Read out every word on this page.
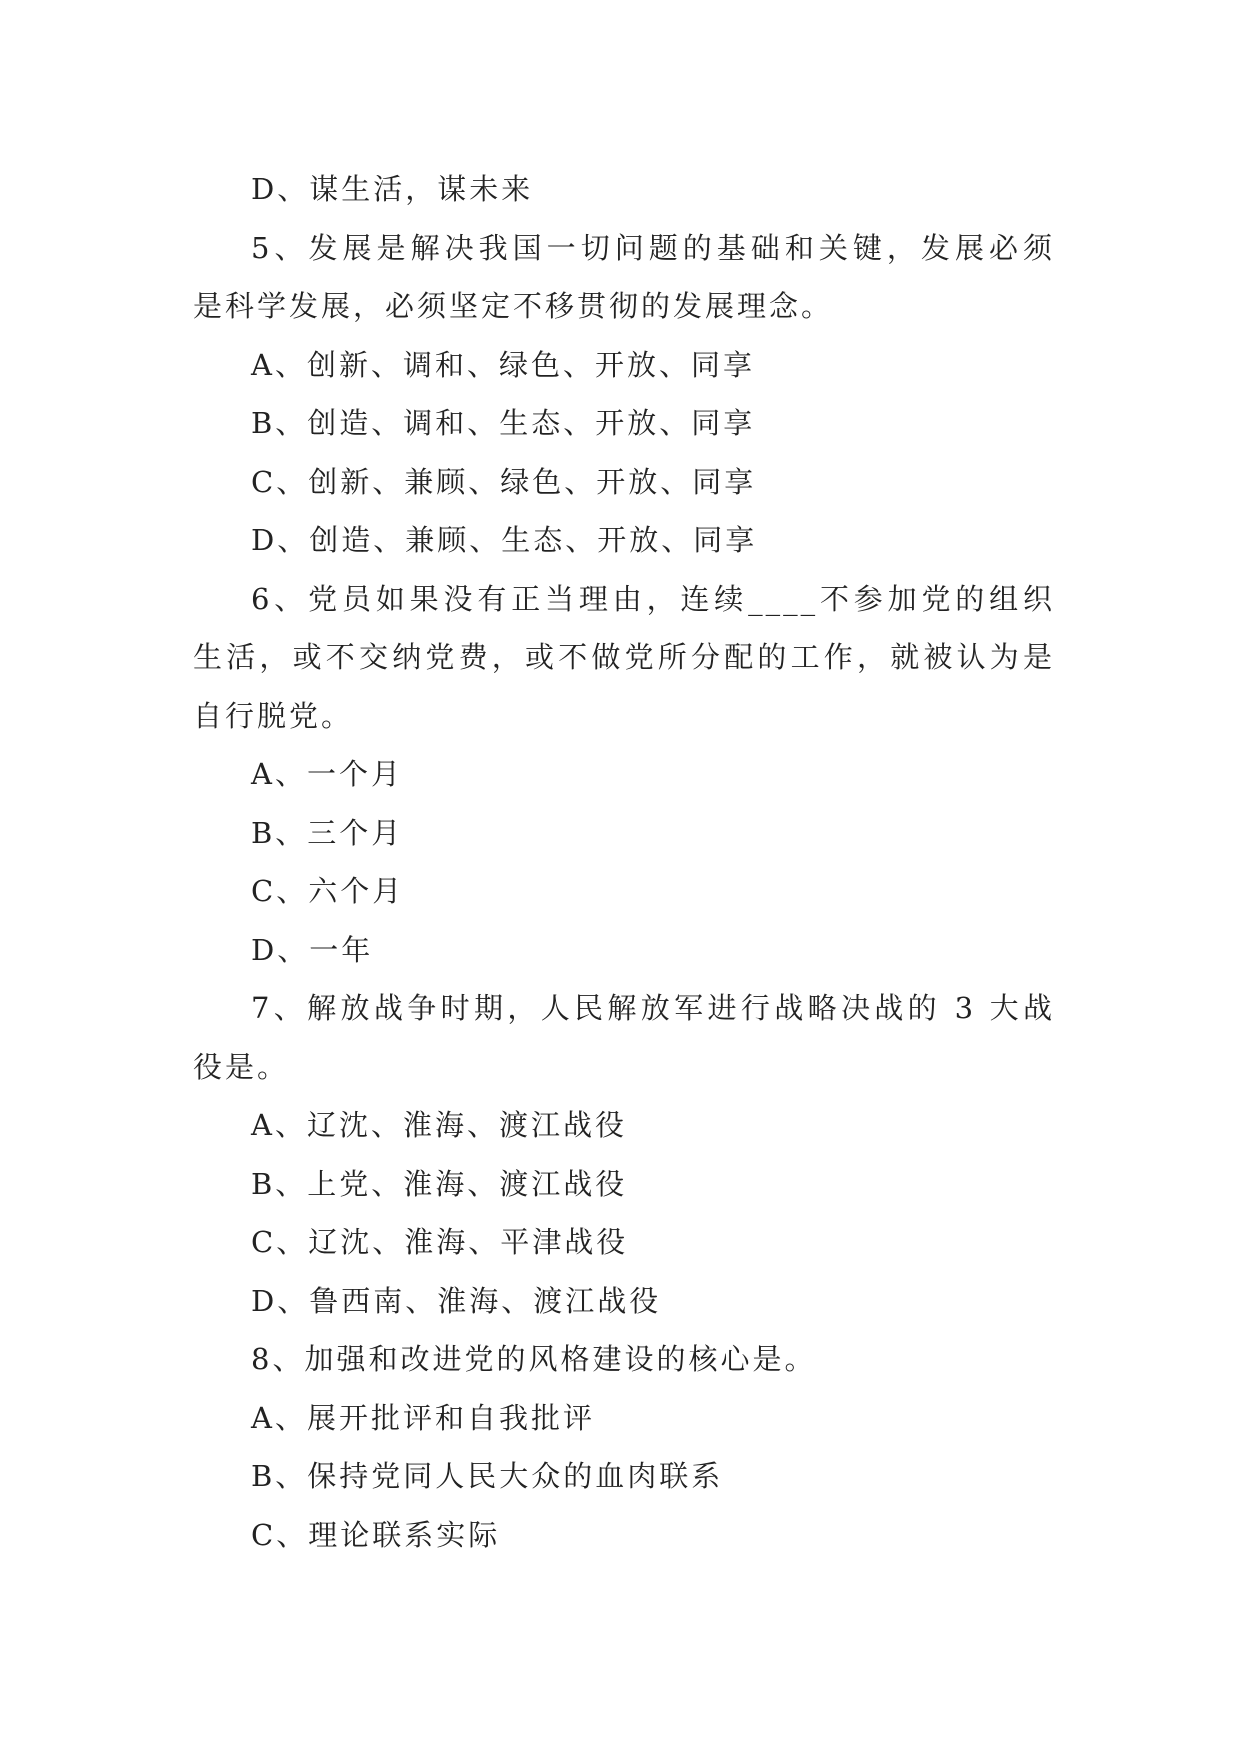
D、谋生活，谋未来
5、发展是解决我国一切问题的基础和关键，发展必须
是科学发展，必须坚定不移贯彻的发展理念。
A、创新、调和、绿色、开放、同享
B、创造、调和、生态、开放、同享
C、创新、兼顾、绿色、开放、同享
D、创造、兼顾、生态、开放、同享
6、党员如果没有正当理由，连续____不参加党的组织
生活，或不交纳党费，或不做党所分配的工作，就被认为是
自行脱党。
A、一个月
B、三个月
C、六个月
D、一年
7、解放战争时期，人民解放军进行战略决战的 3 大战
役是。
A、辽沈、淮海、渡江战役
B、上党、淮海、渡江战役
C、辽沈、淮海、平津战役
D、鲁西南、淮海、渡江战役
8、加强和改进党的风格建设的核心是。
A、展开批评和自我批评
B、保持党同人民大众的血肉联系
C、理论联系实际
